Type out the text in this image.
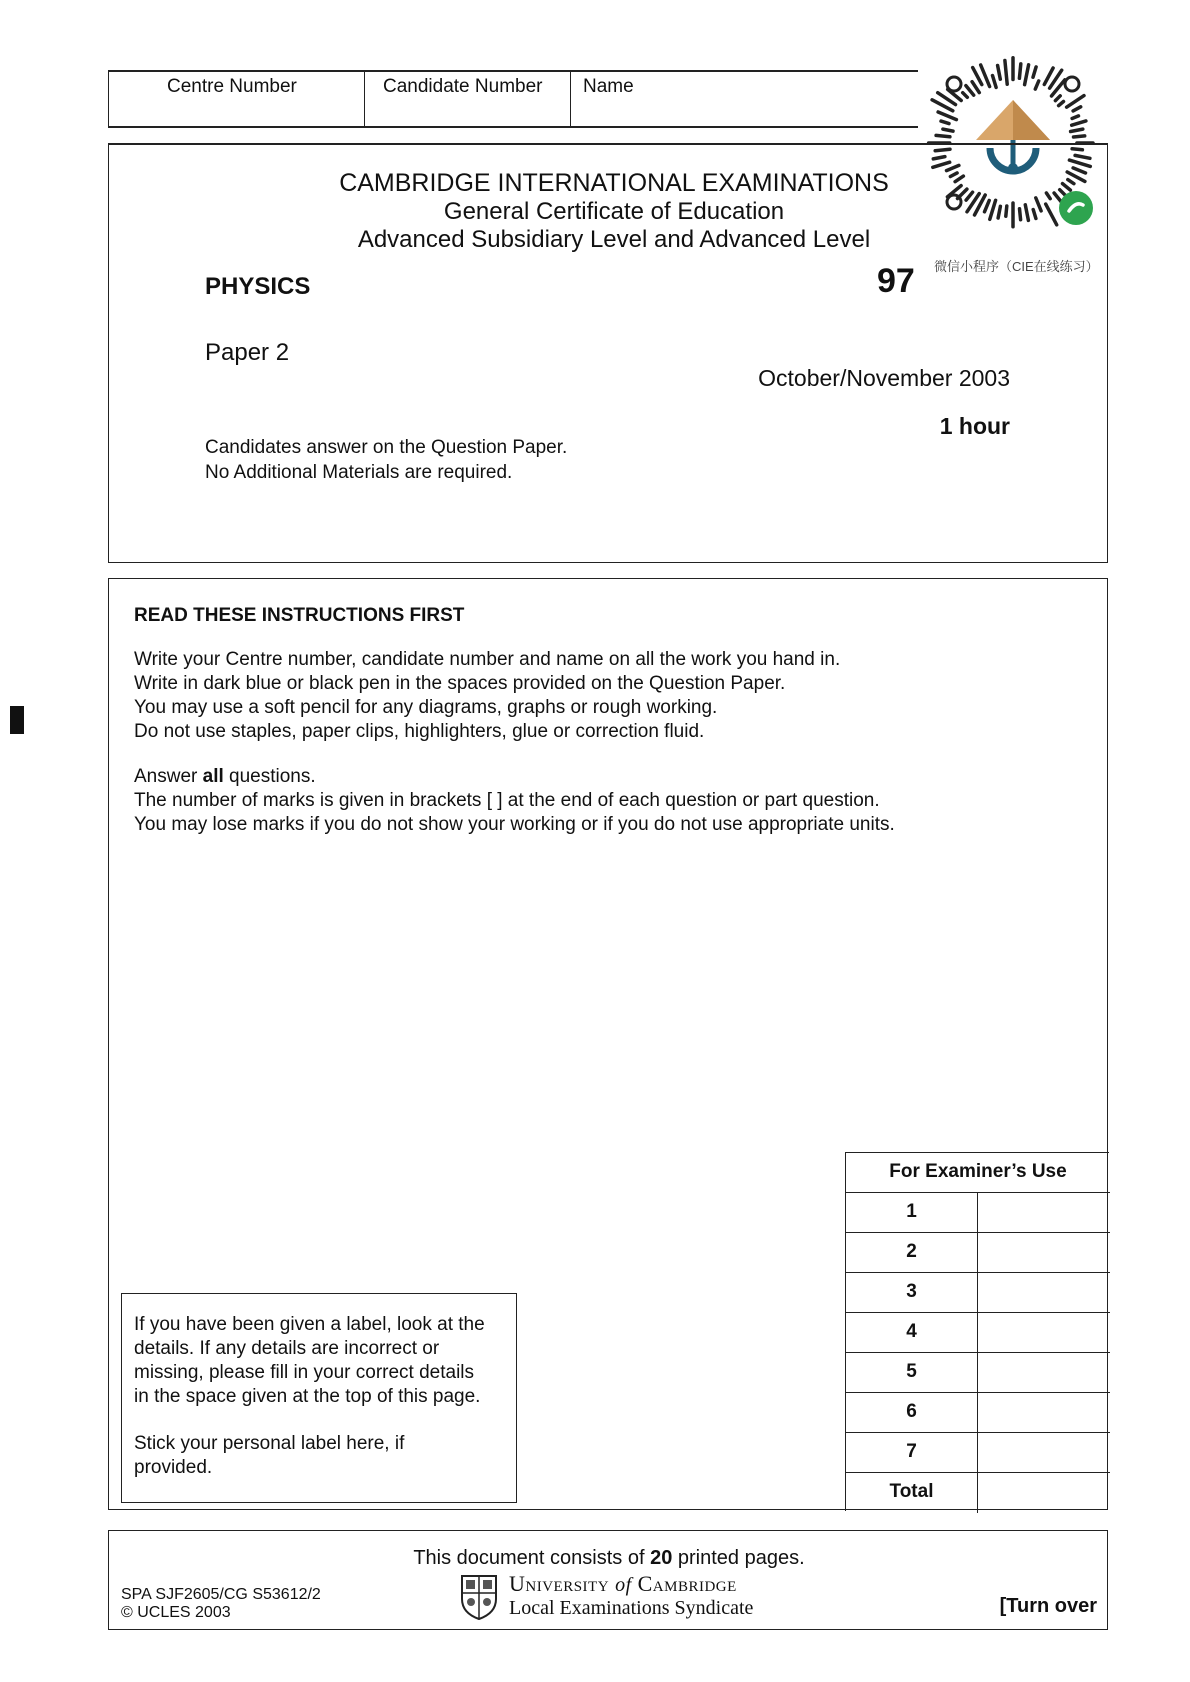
Centre Number	Candidate Number Name
微信小程序（CIE在线练习）
CAMBRIDGE INTERNATIONAL EXAMINATIONS
General Certificate of Education
Advanced Subsidiary Level and Advanced Level
PHYSICS	97
Paper 2
October/November 2003
1 hour
Candidates answer on the Question Paper.
No Additional Materials are required.
READ THESE INSTRUCTIONS FIRST
Write your Centre number, candidate number and name on all the work you hand in.
Write in dark blue or black pen in the spaces provided on the Question Paper.
You may use a soft pencil for any diagrams, graphs or rough working.
Do not use staples, paper clips, highlighters, glue or correction fluid.
Answer all questions.
The number of marks is given in brackets [ ] at the end of each question or part question.
You may lose marks if you do not show your working or if you do not use appropriate units.
If you have been given a label, look at the
details. If any details are incorrect or
missing, please fill in your correct details
in the space given at the top of this page.
Stick your personal label here, if
provided.
For Examiner’s Use
1
2
3
4
5
6
7
Total
This document consists of 20 printed pages.
SPA SJF2605/CG S53612/2
© UCLES 2003
University of Cambridge
Local Examinations Syndicate	[Turn over
